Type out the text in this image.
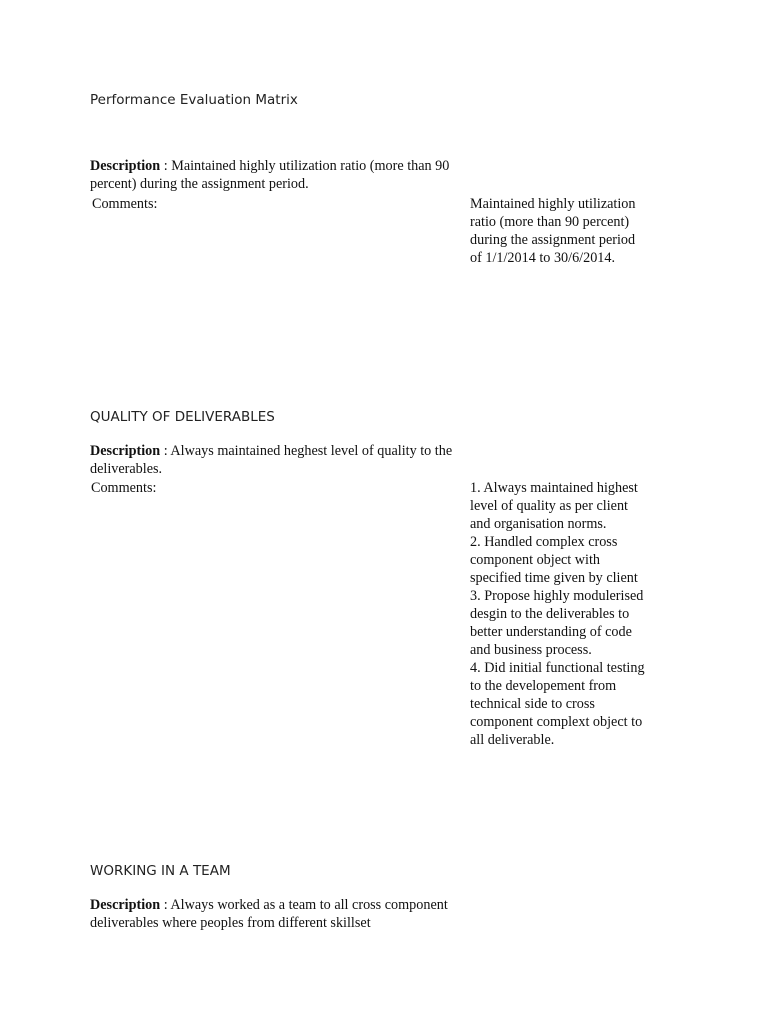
Performance Evaluation Matrix
Description : Maintained highly utilization ratio (more than 90 percent) during the assignment period.
Comments:	Maintained highly utilization ratio (more than 90 percent) during the assignment period of 1/1/2014 to 30/6/2014.

QUALITY OF DELIVERABLES
Description : Always maintained heghest level of quality to the deliverables.
Comments:	1. Always maintained highest level of quality as per client and organisation norms.

2. Handled complex cross component object with specified time given by client

3. Propose highly modulerised desgin to the deliverables to better understanding of code and business process.

4. Did initial functional testing to the developement from technical side to cross component complext object to all deliverable.

WORKING IN A TEAM
Description : Always worked as a team to all cross component deliverables where peoples from different skillset
